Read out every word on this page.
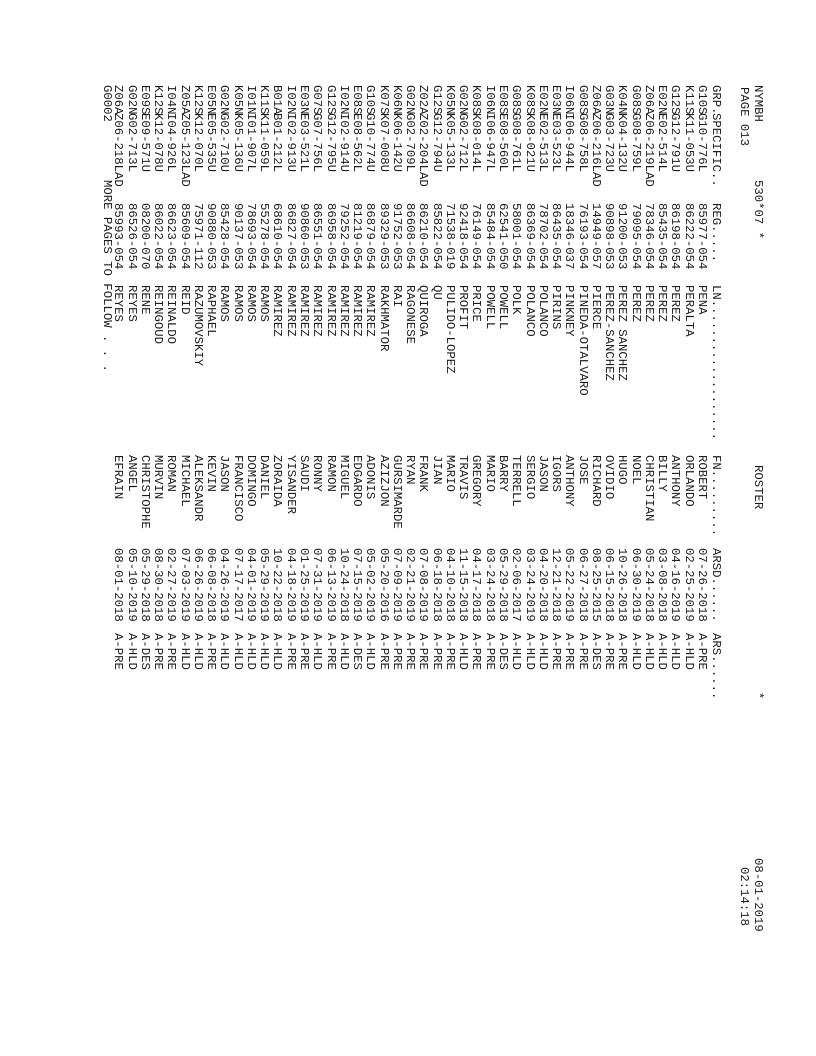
NYMBH
530*07 *
ROSTER
*
08-01-2019
PAGE 013
02:14:18
GRP.
SPECIFIC..
REG.....
LN...................
FN.........
ARSD......
ARS......
G10S
G10-776L
85977-054
PENA
ROBERT
07-26-2018
A-PRE
K11S
K11-053U
86222-054
PERALTA
ORLANDO
02-25-2019
A-HLD
G12S
G12-791U
86198-054
PEREZ
ANTHONY
04-16-2019
A-HLD
E02N
E02-514L
85435-054
PEREZ
BILLY
03-08-2018
A-HLD
Z06A
Z06-219LAD
78346-054
PEREZ
CHRISTIAN
05-24-2018
A-HLD
G08S
G08-759L
79095-054
PEREZ
NOEL
06-30-2019
A-HLD
K04N
K04-132U
91200-053
PEREZ SANCHEZ
HUGO
10-26-2018
A-PRE
G03N
G03-723U
90898-053
PEREZ-SANCHEZ
OVIDIO
06-15-2018
A-PRE
Z06A
Z06-216LAD
14949-057
PIERCE
RICHARD
08-25-2015
A-DES
G08S
G08-758L
76193-054
PINEDA-OTALVARO
JOSE
06-27-2018
A-PRE
I06N
I06-944L
18346-037
PINKNEY
ANTHONY
05-22-2019
A-PRE
E03N
E03-523L
86435-054
PIRINS
IGORS
12-21-2018
A-PRE
E02N
E02-513L
78702-054
POLANCO
JASON
04-20-2018
A-HLD
K08S
K08-021U
86369-054
POLANCO
SERGIO
03-24-2019
A-HLD
G08S
G08-761L
58001-054
POLK
TERRELL
02-06-2017
A-HLD
E08S
E08-560L
62541-050
POWELL
BARRY
05-29-2018
A-DES
I06N
I06-947L
85484-054
POWELL
MARIO
03-24-2018
A-PRE
K08S
K08-014L
76149-054
PRICE
GREGORY
04-17-2018
A-PRE
G02N
G02-712L
92418-054
PROFIT
TRAVIS
11-15-2018
A-HLD
K05N
K05-133L
71538-019
PULIDO-LOPEZ
MARIO
04-10-2018
A-PRE
G12S
G12-794U
85822-054
QU
JIAN
06-18-2018
A-PRE
Z02A
Z02-204LAD
86210-054
QUIROGA
FRANK
07-08-2019
A-PRE
G02N
G02-709L
86608-054
RAGONESE
RYAN
02-21-2019
A-PRE
K06N
K06-142U
91752-053
RAI
GURSIMARDE
07-09-2019
A-PRE
K07S
K07-008U
89329-053
RAKHMATOR
AZIZJON
05-20-2016
A-PRE
G10S
G10-774U
86879-054
RAMIREZ
ADONIS
05-02-2019
A-HLD
E08S
E08-562L
81219-054
RAMIREZ
EDGARDO
07-15-2019
A-DES
I02N
I02-914U
79252-054
RAMIREZ
MIGUEL
10-24-2018
A-HLD
G12S
G12-795U
86958-054
RAMIREZ
RAMON
06-13-2019
A-PRE
G07S
G07-756L
86551-054
RAMIREZ
RONNY
07-31-2019
A-HLD
E03N
E03-521L
90860-053
RAMIREZ
SAUDI
01-25-2019
A-PRE
I02N
I02-913U
86827-054
RAMIREZ
YISANDER
04-18-2019
A-PRE
B01A
B01-212L
68610-054
RAMIREZ
ZORAIDA
10-22-2018
A-HLD
K11S
K11-059L
55278-054
RAMOS
DANIEL
05-29-2019
A-HLD
I01N
I01-907L
78693-054
RAMOS
DOMINGO
04-01-2019
A-HLD
K05N
K05-136U
90137-053
RAMOS
FRANCISCO
07-17-2017
A-HLD
G02N
G02-710U
85428-054
RAMOS
JASON
04-26-2019
A-HLD
E05N
E05-535U
90880-053
RAPHAEL
KEVIN
06-08-2018
A-PRE
K12S
K12-070L
75971-112
RAZUMOVSKIY
ALEKSANDR
06-26-2019
A-HLD
Z05A
Z05-123LAD
85609-054
REID
MICHAEL
07-03-2019
A-HLD
I04N
I04-926L
86623-054
REINALDO
ROMAN
02-27-2019
A-PRE
K12S
K12-078U
86022-054
REINGOUD
MURVIN
08-30-2018
A-PRE
E09S
E09-571U
08200-070
RENE
CHRISTOPHE
05-29-2018
A-DES
G02N
G02-713L
86526-054
REYES
ANGEL
05-10-2019
A-HLD
Z06A
Z06-218LAD
85993-054
REYES
EFRAIN
08-01-2018
A-PRE
G0002
MORE PAGES TO FOLLOW . . .
